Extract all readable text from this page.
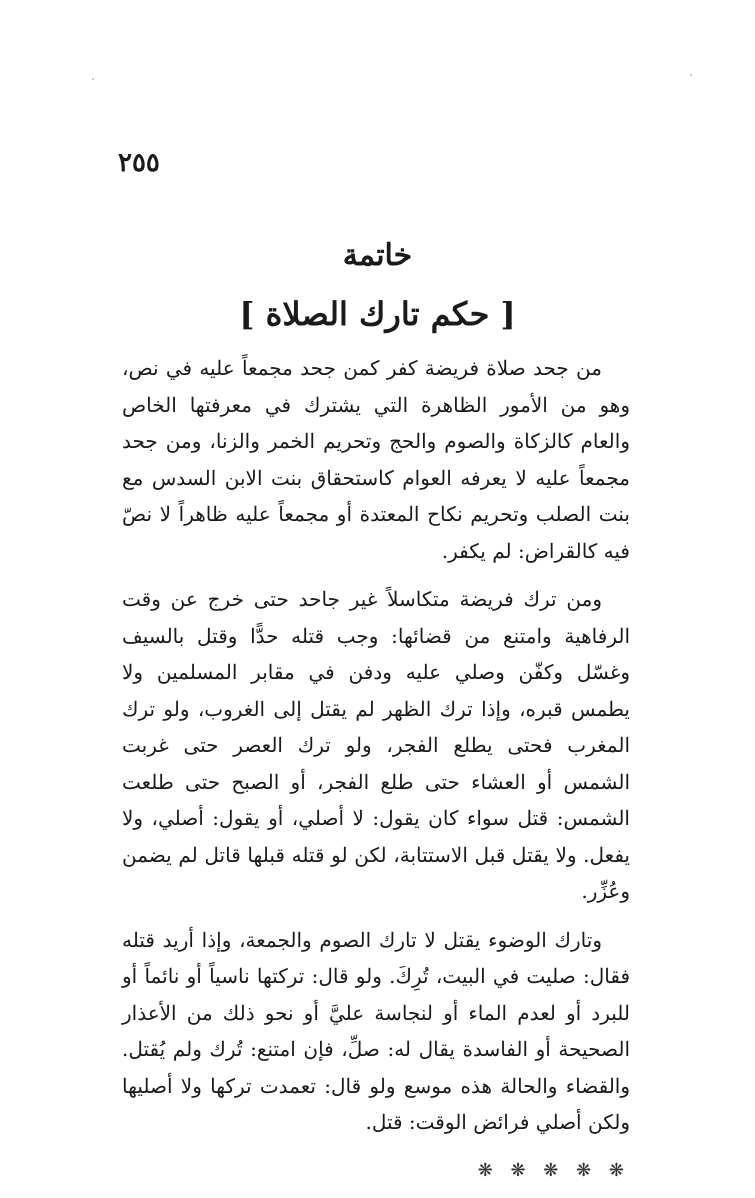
٢٥٥
خاتمة
[ حكم تارك الصلاة ]

من جحد صلاة فريضة كفر كمن جحد مجمعاً عليه في نص، وهو من الأمور الظاهرة التي يشترك في معرفتها الخاص والعام كالزكاة والصوم والحج وتحريم الخمر والزنا، ومن جحد مجمعاً عليه لا يعرفه العوام كاستحقاق بنت الابن السدس مع بنت الصلب وتحريم نكاح المعتدة أو مجمعاً عليه ظاهراً لا نصّ فيه كالقراض: لم يكفر.

ومن ترك فريضة متكاسلاً غير جاحد حتى خرج عن وقت الرفاهية وامتنع من قضائها: وجب قتله حدًّا وقتل بالسيف وغسّل وكفّن وصلي عليه ودفن في مقابر المسلمين ولا يطمس قبره، وإذا ترك الظهر لم يقتل إلى الغروب، ولو ترك المغرب فحتى يطلع الفجر، ولو ترك العصر حتى غربت الشمس أو العشاء حتى طلع الفجر، أو الصبح حتى طلعت الشمس: قتل سواء كان يقول: لا أصلي، أو يقول: أصلي، ولا يفعل. ولا يقتل قبل الاستتابة، لكن لو قتله قبلها قاتل لم يضمن وعُزِّر.

وتارك الوضوء يقتل لا تارك الصوم والجمعة، وإذا أريد قتله فقال: صليت في البيت، تُرِكَ. ولو قال: تركتها ناسياً أو نائماً أو للبرد أو لعدم الماء أو لنجاسة عليَّ أو نحو ذلك من الأعذار الصحيحة أو الفاسدة يقال له: صلِّ، فإن امتنع: تُرك ولم يُقتل. والقضاء والحالة هذه موسع ولو قال: تعمدت تركها ولا أصليها ولكن أصلي فرائض الوقت: قتل.

❋ ❋ ❋ ❋ ❋
